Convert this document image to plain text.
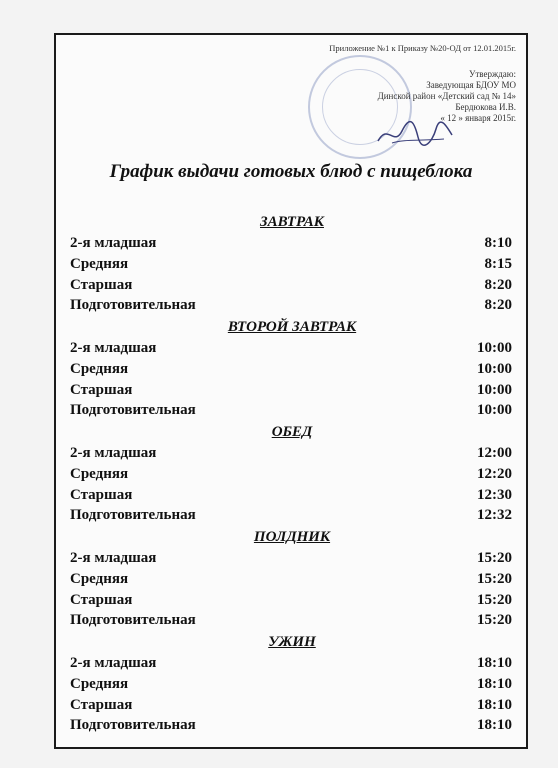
Приложение №1 к Приказу №20-ОД от 12.01.2015г.
Утверждаю:
Заведующая БДОУ МО
Динской район «Детский сад № 14»
Бердюкова И.В.
« 12 » января 2015г.
График выдачи готовых блюд с пищеблока
ЗАВТРАК
2-я младшая	8:10
Средняя	8:15
Старшая	8:20
Подготовительная	8:20
ВТОРОЙ ЗАВТРАК
2-я младшая	10:00
Средняя	10:00
Старшая	10:00
Подготовительная	10:00
ОБЕД
2-я младшая	12:00
Средняя	12:20
Старшая	12:30
Подготовительная	12:32
ПОЛДНИК
2-я младшая	15:20
Средняя	15:20
Старшая	15:20
Подготовительная	15:20
УЖИН
2-я младшая	18:10
Средняя	18:10
Старшая	18:10
Подготовительная	18:10
